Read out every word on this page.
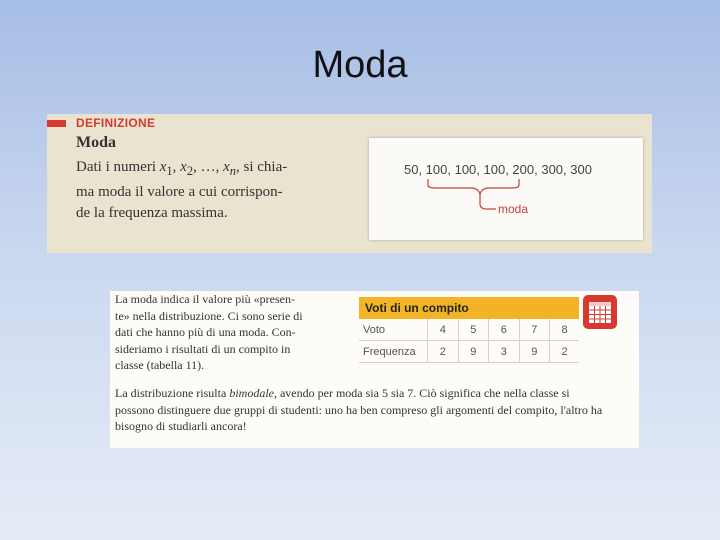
Moda
DEFINIZIONE
Moda

Dati i numeri $x_1$, $x_2$, …, $x_n$, si chia-
ma moda il valore a cui corrispon-
de la frequenza massima.

50, 100, 100, 100, 200, 300, 300
moda

La moda indica il valore più «presen-
te» nella distribuzione. Ci sono serie di
dati che hanno più di una moda. Con-
sideriamo i risultati di un compito in
classe (tabella 11).

Voti di un compito					
Voto	4	5	6	7	8
Frequenza	2	9	3	9	2

La distribuzione risulta bimodale, avendo per moda sia 5 sia 7. Ciò significa che nella classe si possono distinguere due gruppi di studenti: uno ha ben compreso gli argomenti del compito, l'altro ha bisogno di studiarli ancora!
